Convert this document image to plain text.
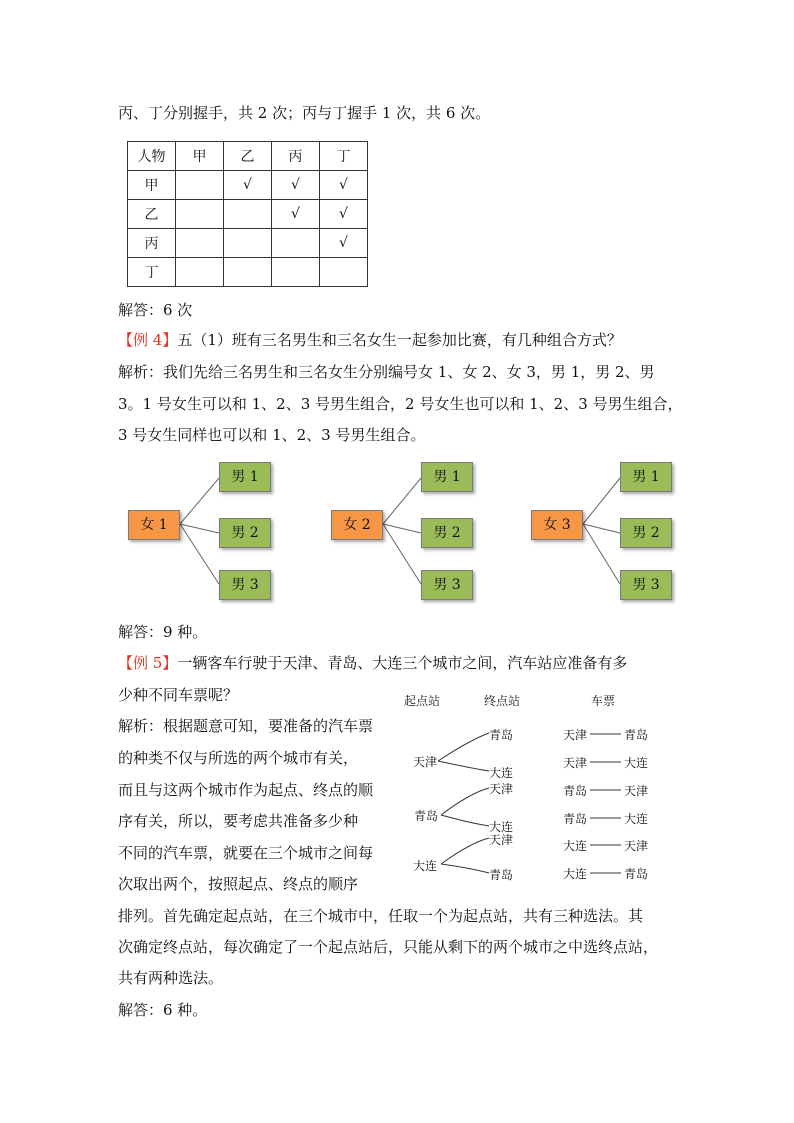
丙、丁分别握手，共 2 次；丙与丁握手 1 次，共 6 次。
人物	甲	乙	丙	丁
甲		√	√	√
乙			√	√
丙				√
丁				
解答：6 次
【例 4】五（1）班有三名男生和三名女生一起参加比赛，有几种组合方式？
解析：我们先给三名男生和三名女生分别编号女 1、女 2、女 3，男 1，男 2、男
3。1 号女生可以和 1、2、3 号男生组合，2 号女生也可以和 1、2、3 号男生组合，
3 号女生同样也可以和 1、2、3 号男生组合。
女 1
男 1
男 2
男 3
女 2
男 1
男 2
男 3
女 3
男 1
男 2
男 3
解答：9 种。
【例 5】一辆客车行驶于天津、青岛、大连三个城市之间，汽车站应准备有多
少种不同车票呢？
解析：根据题意可知，要准备的汽车票
的种类不仅与所选的两个城市有关，
而且与这两个城市作为起点、终点的顺
序有关，所以，要考虑共准备多少种
不同的汽车票，就要在三个城市之间每
次取出两个，按照起点、终点的顺序
排列。首先确定起点站，在三个城市中，任取一个为起点站，共有三种选法。其
次确定终点站，每次确定了一个起点站后，只能从剩下的两个城市之中选终点站，
共有两种选法。
解答：6 种。
起点站	终点站	车票
天津
青岛
大连
青岛
天津
大连
大连
天津
青岛
天津	青岛
天津	大连
青岛	天津
青岛	大连
大连	天津
大连	青岛
